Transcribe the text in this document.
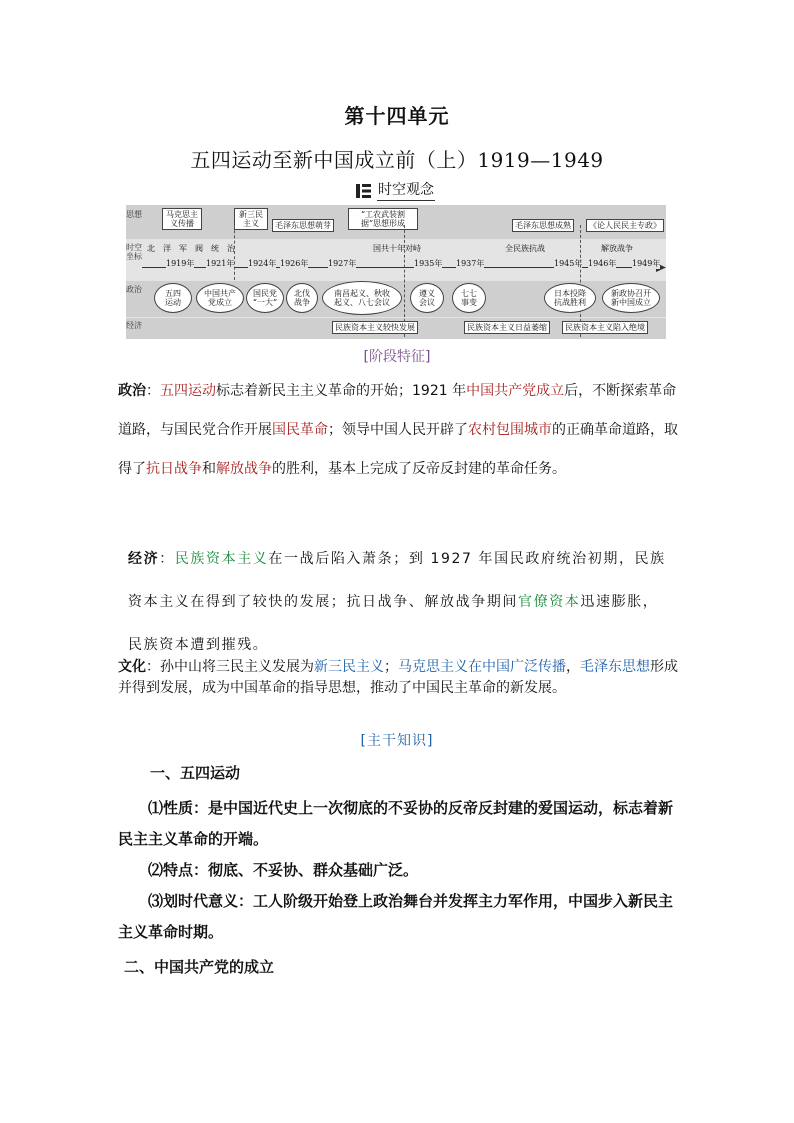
第十四单元
五四运动至新中国成立前（上）1919—1949
时空观念
思想
时空坐标
政治
经济
马克思主义传播
新三民主义	毛泽东思想萌芽
“工农武装割据”思想形成	毛泽东思想成熟	《论人民民主专政》
北　洋　军　阀　统　治	国共十年对峙	全民族抗战	解放战争
1919年 1921年 1924年 1926年 1927年	1935年 1937年	1945年 1946年 1949年
五四
运动
中国共产
党成立
国民党
“一大”
北伐
战争
南昌起义、秋收
起义、八七会议
遵义
会议
七七
事变
日本投降
抗战胜利
新政协召开
新中国成立
民族资本主义较快发展	民族资本主义日益萎缩	民族资本主义陷入绝境
[阶段特征]
政治：五四运动标志着新民主主义革命的开始；1921 年中国共产党成立后，不断探索革命道路，与国民党合作开展国民革命；领导中国人民开辟了农村包围城市的正确革命道路，取得了抗日战争和解放战争的胜利，基本上完成了反帝反封建的革命任务。
经济：民族资本主义在一战后陷入萧条；到 1927 年国民政府统治初期，民族资本主义在得到了较快的发展；抗日战争、解放战争期间官僚资本迅速膨胀，民族资本遭到摧残。
文化：孙中山将三民主义发展为新三民主义；马克思主义在中国广泛传播，毛泽东思想形成并得到发展，成为中国革命的指导思想，推动了中国民主革命的新发展。
[主干知识]
一、五四运动
⑴性质：是中国近代史上一次彻底的不妥协的反帝反封建的爱国运动，标志着新民主主义革命的开端。
⑵特点：彻底、不妥协、群众基础广泛。
⑶划时代意义：工人阶级开始登上政治舞台并发挥主力军作用，中国步入新民主主义革命时期。
二、中国共产党的成立
